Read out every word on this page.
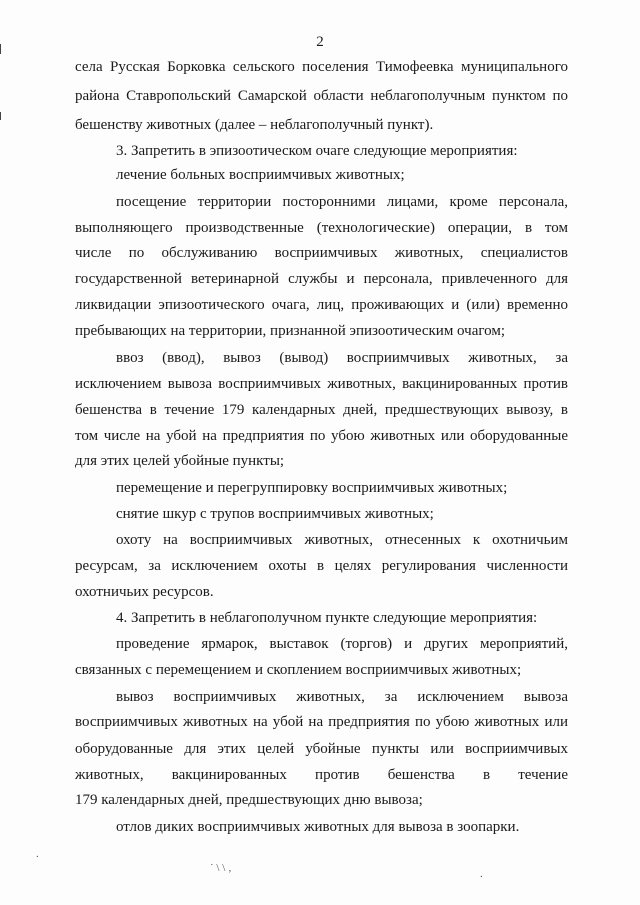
2
села Русская Борковка сельского поселения Тимофеевка муниципального
района Ставропольский Самарской области неблагополучным пунктом по
бешенству животных (далее – неблагополучный пункт).
3. Запретить в эпизоотическом очаге следующие мероприятия:
лечение больных восприимчивых животных;
посещение территории посторонними лицами, кроме персонала,
выполняющего производственные (технологические) операции, в том
числе по обслуживанию восприимчивых животных, специалистов
государственной ветеринарной службы и персонала, привлеченного для
ликвидации эпизоотического очага, лиц, проживающих и (или) временно
пребывающих на территории, признанной эпизоотическим очагом;
ввоз (ввод), вывоз (вывод) восприимчивых животных, за
исключением вывоза восприимчивых животных, вакцинированных против
бешенства в течение 179 календарных дней, предшествующих вывозу, в
том числе на убой на предприятия по убою животных или оборудованные
для этих целей убойные пункты;
перемещение и перегруппировку восприимчивых животных;
снятие шкур с трупов восприимчивых животных;
охоту на восприимчивых животных, отнесенных к охотничьим
ресурсам, за исключением охоты в целях регулирования численности
охотничьих ресурсов.
4. Запретить в неблагополучном пункте следующие мероприятия:
проведение ярмарок, выставок (торгов) и других мероприятий,
связанных с перемещением и скоплением восприимчивых животных;
вывоз восприимчивых животных, за исключением вывоза
восприимчивых животных на убой на предприятия по убою животных или
оборудованные для этих целей убойные пункты или восприимчивых
животных, вакцинированных против бешенства в течение
179 календарных дней, предшествующих дню вывоза;
отлов диких восприимчивых животных для вывоза в зоопарки.
˙ \ \ ‚
.
.
